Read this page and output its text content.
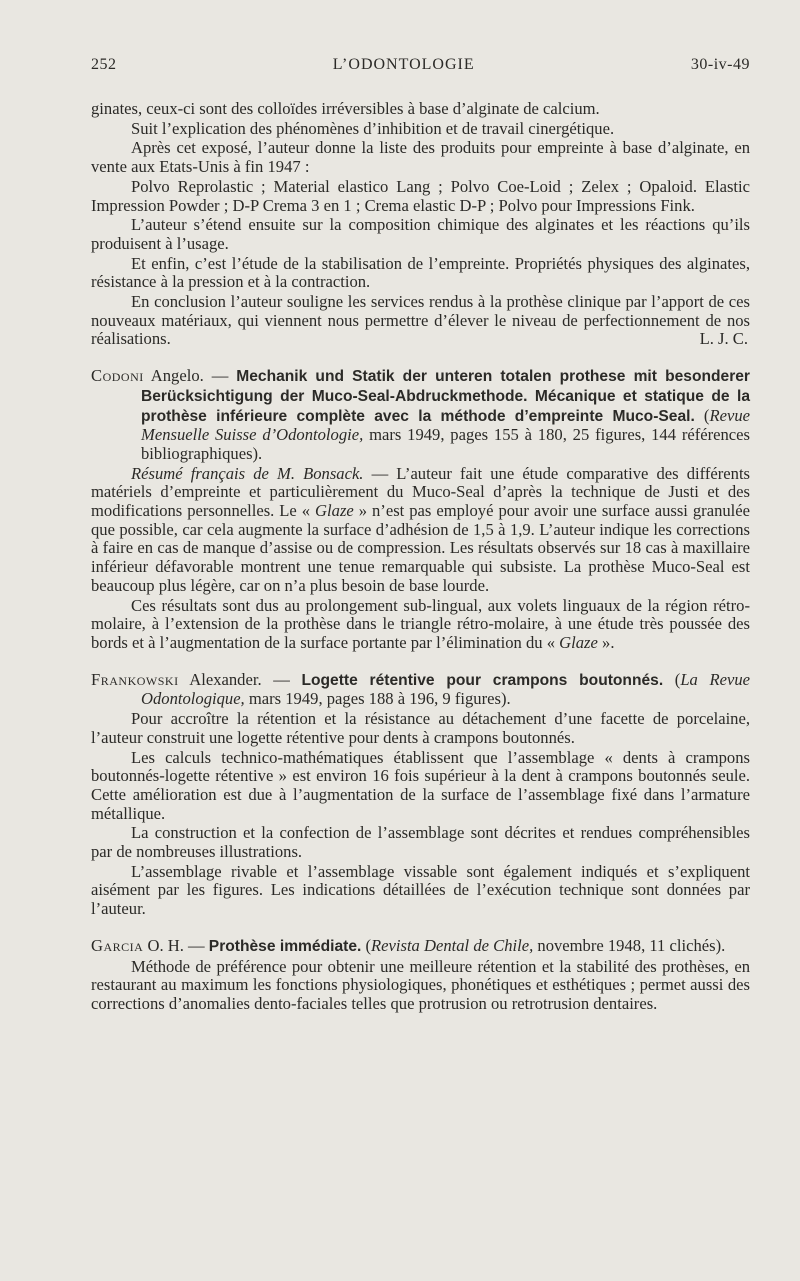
252	L’ODONTOLOGIE	30-iv-49

ginates, ceux-ci sont des colloïdes irréversibles à base d’alginate de calcium.

Suit l’explication des phénomènes d’inhibition et de travail cinergétique.

Après cet exposé, l’auteur donne la liste des produits pour empreinte à base d’alginate, en vente aux Etats-Unis à fin 1947 :

Polvo Reprolastic ; Material elastico Lang ; Polvo Coe-Loid ; Zelex ; Opaloid. Elastic Impression Powder ; D-P Crema 3 en 1 ; Crema elastic D-P ; Polvo pour Impressions Fink.

L’auteur s’étend ensuite sur la composition chimique des alginates et les réactions qu’ils produisent à l’usage.

Et enfin, c’est l’étude de la stabilisation de l’empreinte. Propriétés physiques des alginates, résistance à la pression et à la contraction.

En conclusion l’auteur souligne les services rendus à la prothèse clinique par l’apport de ces nouveaux matériaux, qui viennent nous permettre d’élever le niveau de perfectionnement de nos réalisations.	L. J. C.

Codoni Angelo. — Mechanik und Statik der unteren totalen prothese mit besonderer Berücksichtigung der Muco-Seal-Abdruckmethode. Mécanique et statique de la prothèse inférieure complète avec la méthode d’empreinte Muco-Seal. (Revue Mensuelle Suisse d’Odontologie, mars 1949, pages 155 à 180, 25 figures, 144 références bibliographiques).

Résumé français de M. Bonsack. — L’auteur fait une étude comparative des différents matériels d’empreinte et particulièrement du Muco-Seal d’après la technique de Justi et des modifications personnelles. Le « Glaze » n’est pas employé pour avoir une surface aussi granulée que possible, car cela augmente la surface d’adhésion de 1,5 à 1,9. L’auteur indique les corrections à faire en cas de manque d’assise ou de compression. Les résultats observés sur 18 cas à maxillaire inférieur défavorable montrent une tenue remarquable qui subsiste. La prothèse Muco-Seal est beaucoup plus légère, car on n’a plus besoin de base lourde.

Ces résultats sont dus au prolongement sub-lingual, aux volets linguaux de la région rétro-molaire, à l’extension de la prothèse dans le triangle rétro-molaire, à une étude très poussée des bords et à l’augmentation de la surface portante par l’élimination du « Glaze ».

Frankowski Alexander. — Logette rétentive pour crampons boutonnés. (La Revue Odontologique, mars 1949, pages 188 à 196, 9 figures).

Pour accroître la rétention et la résistance au détachement d’une facette de porcelaine, l’auteur construit une logette rétentive pour dents à crampons boutonnés.

Les calculs technico-mathématiques établissent que l’assemblage « dents à crampons boutonnés-logette rétentive » est environ 16 fois supérieur à la dent à crampons boutonnés seule. Cette amélioration est due à l’augmentation de la surface de l’assemblage fixé dans l’armature métallique.

La construction et la confection de l’assemblage sont décrites et rendues compréhensibles par de nombreuses illustrations.

L’assemblage rivable et l’assemblage vissable sont également indiqués et s’expliquent aisément par les figures. Les indications détaillées de l’exécution technique sont données par l’auteur.

Garcia O. H. — Prothèse immédiate. (Revista Dental de Chile, novembre 1948, 11 clichés).

Méthode de préférence pour obtenir une meilleure rétention et la stabilité des prothèses, en restaurant au maximum les fonctions physiologiques, phonétiques et esthétiques ; permet aussi des corrections d’anomalies dento-faciales telles que protrusion ou retrotrusion dentaires.
